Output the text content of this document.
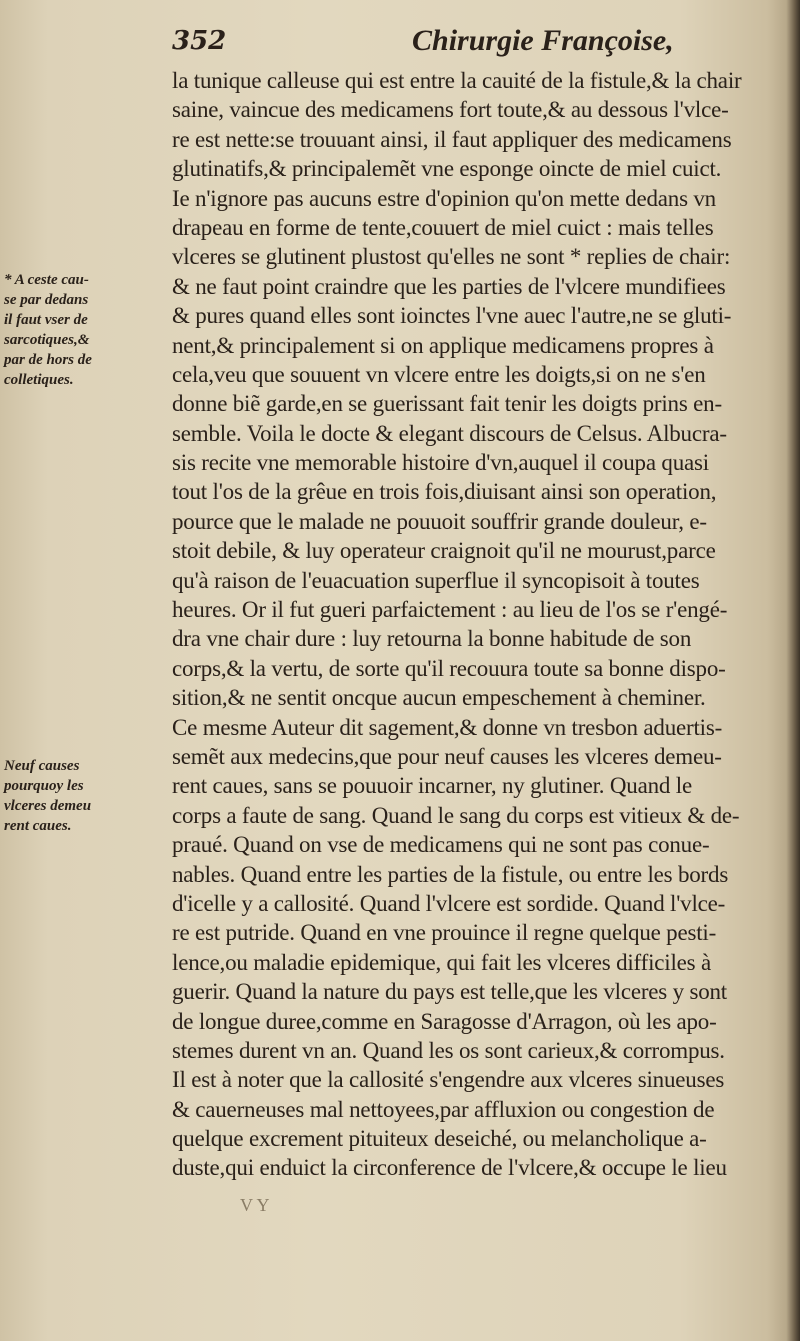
352	Chirurgie Françoise,
la tunique calleuse qui est entre la cauité de la fistule,& la chair
saine, vaincue des medicamens fort toute,& au dessous l'vlce-
re est nette:se trouuant ainsi, il faut appliquer des medicamens
glutinatifs,& principalemẽt vne esponge oincte de miel cuict.
Ie n'ignore pas aucuns estre d'opinion qu'on mette dedans vn
drapeau en forme de tente,couuert de miel cuict : mais telles
vlceres se glutinent plustost qu'elles ne sont * replies de chair:
& ne faut point craindre que les parties de l'vlcere mundifiees
& pures quand elles sont ioinctes l'vne auec l'autre,ne se gluti-
nent,& principalement si on applique medicamens propres à
cela,veu que souuent vn vlcere entre les doigts,si on ne s'en
donne biẽ garde,en se guerissant fait tenir les doigts prins en-
semble. Voila le docte & elegant discours de Celsus. Albucra-
sis recite vne memorable histoire d'vn,auquel il coupa quasi
tout l'os de la grêue en trois fois,diuisant ainsi son operation,
pource que le malade ne pouuoit souffrir grande douleur, e-
stoit debile, & luy operateur craignoit qu'il ne mourust,parce
qu'à raison de l'euacuation superflue il syncopisoit à toutes
heures. Or il fut gueri parfaictement : au lieu de l'os se r'engé-
dra vne chair dure : luy retourna la bonne habitude de son
corps,& la vertu, de sorte qu'il recouura toute sa bonne dispo-
sition,& ne sentit oncque aucun empeschement à cheminer.
Ce mesme Auteur dit sagement,& donne vn tresbon aduertis-
semẽt aux medecins,que pour neuf causes les vlceres demeu-
rent caues, sans se pouuoir incarner, ny glutiner. Quand le
corps a faute de sang. Quand le sang du corps est vitieux & de-
praué. Quand on vse de medicamens qui ne sont pas conue-
nables. Quand entre les parties de la fistule, ou entre les bords
d'icelle y a callosité. Quand l'vlcere est sordide. Quand l'vlce-
re est putride. Quand en vne prouince il regne quelque pesti-
lence,ou maladie epidemique, qui fait les vlceres difficiles à
guerir. Quand la nature du pays est telle,que les vlceres y sont
de longue duree,comme en Saragosse d'Arragon, où les apo-
stemes durent vn an. Quand les os sont carieux,& corrompus.
Il est à noter que la callosité s'engendre aux vlceres sinueuses
& cauerneuses mal nettoyees,par affluxion ou congestion de
quelque excrement pituiteux deseiché, ou melancholique a-
duste,qui enduict la circonference de l'vlcere,& occupe le lieu
* A ceste cau-
se par dedans
il faut vser de
sarcotiques,&
par de hors de
colletiques.
Neuf causes
pourquoy les
vlceres demeu
rent caues.
V Y
